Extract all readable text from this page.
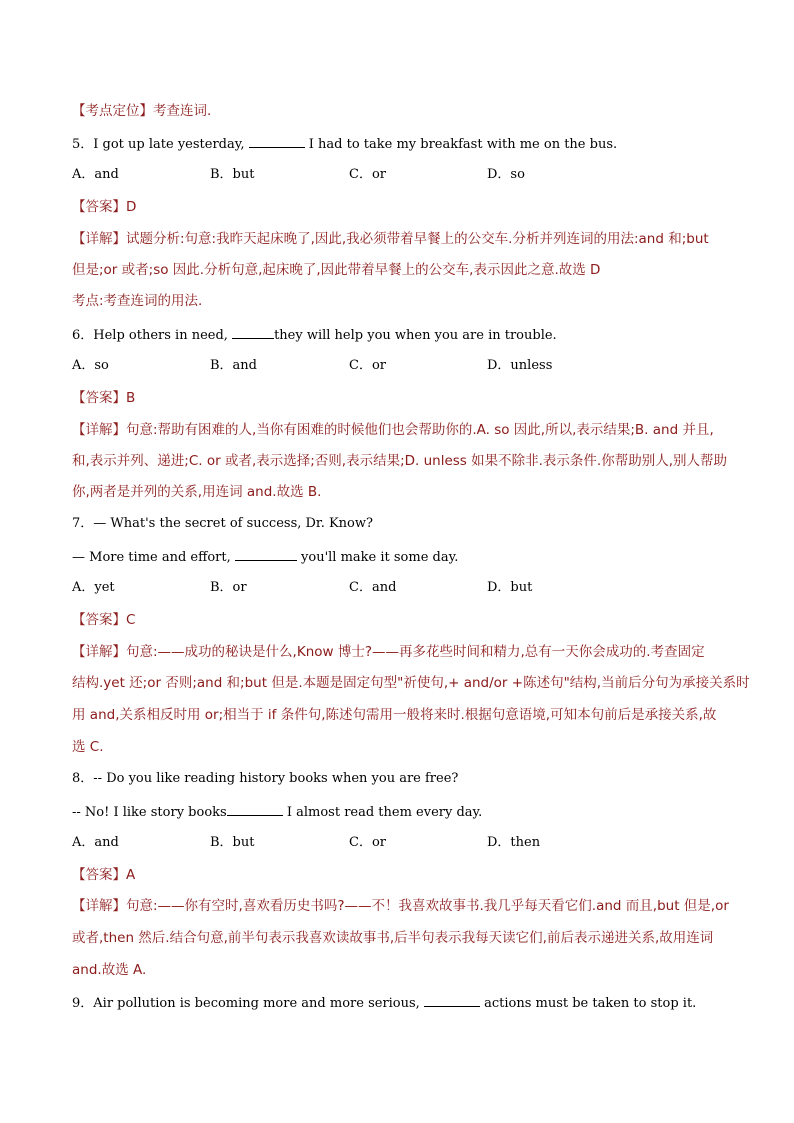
【考点定位】考查连词.
5．I got up late yesterday,	I had to take my breakfast with me on the bus.
A．and	B．but	C．or	D．so
【答案】D
【详解】试题分析:句意:我昨天起床晚了,因此,我必须带着早餐上的公交车.分析并列连词的用法:and 和;but
但是;or 或者;so 因此.分析句意,起床晚了,因此带着早餐上的公交车,表示因此之意.故选 D
考点:考查连词的用法.
6．Help others in need,	they will help you when you are in trouble.
A．so	B．and	C．or	D．unless
【答案】B
【详解】句意:帮助有困难的人,当你有困难的时候他们也会帮助你的.A. so 因此,所以,表示结果;B. and 并且,
和,表示并列、递进;C. or 或者,表示选择;否则,表示结果;D. unless 如果不除非.表示条件.你帮助别人,别人帮助
你,两者是并列的关系,用连词 and.故选 B.
7．— What's the secret of success, Dr. Know?
— More time and effort,	you'll make it some day.
A．yet	B．or	C．and	D．but
【答案】C
【详解】句意:——成功的秘诀是什么,Know 博士?——再多花些时间和精力,总有一天你会成功的.考查固定
结构.yet 还;or 否则;and 和;but 但是.本题是固定句型"祈使句,+ and/or +陈述句"结构,当前后分句为承接关系时
用 and,关系相反时用 or;相当于 if 条件句,陈述句需用一般将来时.根据句意语境,可知本句前后是承接关系,故
选 C.
8．-- Do you like reading history books when you are free?
-- No! I like story books	I almost read them every day.
A．and	B．but	C．or	D．then
【答案】A
【详解】句意:——你有空时,喜欢看历史书吗?——不！我喜欢故事书.我几乎每天看它们.and 而且,but 但是,or
或者,then 然后.结合句意,前半句表示我喜欢读故事书,后半句表示我每天读它们,前后表示递进关系,故用连词
and.故选 A.
9．Air pollution is becoming more and more serious,	actions must be taken to stop it.
